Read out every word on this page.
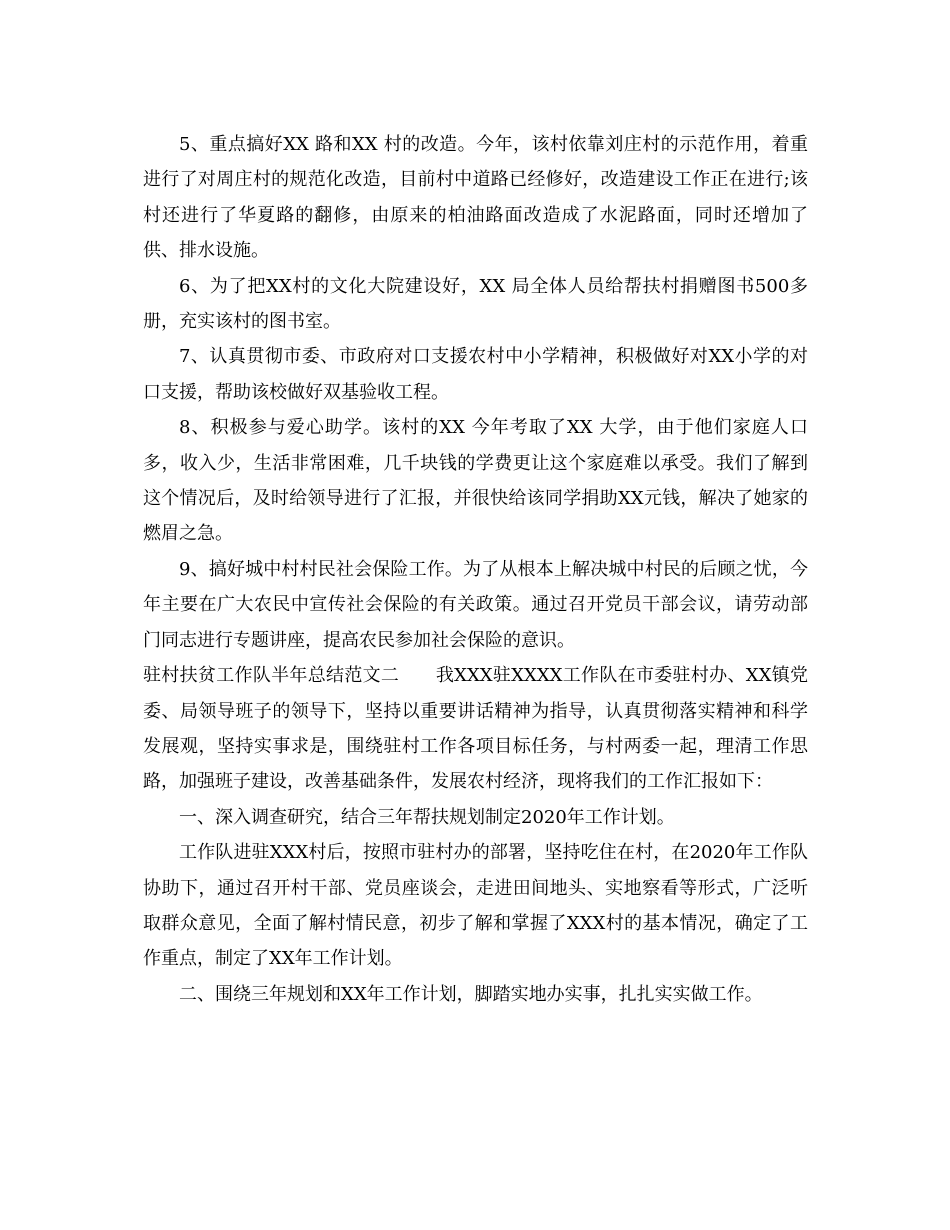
5、重点搞好XX 路和XX 村的改造。今年，该村依靠刘庄村的示范作用，着重进行了对周庄村的规范化改造，目前村中道路已经修好，改造建设工作正在进行;该村还进行了华夏路的翻修，由原来的柏油路面改造成了水泥路面，同时还增加了供、排水设施。

6、为了把XX村的文化大院建设好，XX 局全体人员给帮扶村捐赠图书500多册，充实该村的图书室。

7、认真贯彻市委、市政府对口支援农村中小学精神，积极做好对XX小学的对口支援，帮助该校做好双基验收工程。

8、积极参与爱心助学。该村的XX 今年考取了XX 大学，由于他们家庭人口多，收入少，生活非常困难，几千块钱的学费更让这个家庭难以承受。我们了解到这个情况后，及时给领导进行了汇报，并很快给该同学捐助XX元钱，解决了她家的燃眉之急。

9、搞好城中村村民社会保险工作。为了从根本上解决城中村民的后顾之忧，今年主要在广大农民中宣传社会保险的有关政策。通过召开党员干部会议，请劳动部门同志进行专题讲座，提高农民参加社会保险的意识。

驻村扶贫工作队半年总结范文二　　我XXX驻XXXX工作队在市委驻村办、XX镇党委、局领导班子的领导下，坚持以重要讲话精神为指导，认真贯彻落实精神和科学发展观，坚持实事求是，围绕驻村工作各项目标任务，与村两委一起，理清工作思路，加强班子建设，改善基础条件，发展农村经济，现将我们的工作汇报如下：

一、深入调查研究，结合三年帮扶规划制定2020年工作计划。

工作队进驻XXX村后，按照市驻村办的部署，坚持吃住在村，在2020年工作队协助下，通过召开村干部、党员座谈会，走进田间地头、实地察看等形式，广泛听取群众意见，全面了解村情民意，初步了解和掌握了XXX村的基本情况，确定了工作重点，制定了XX年工作计划。

二、围绕三年规划和XX年工作计划，脚踏实地办实事，扎扎实实做工作。
